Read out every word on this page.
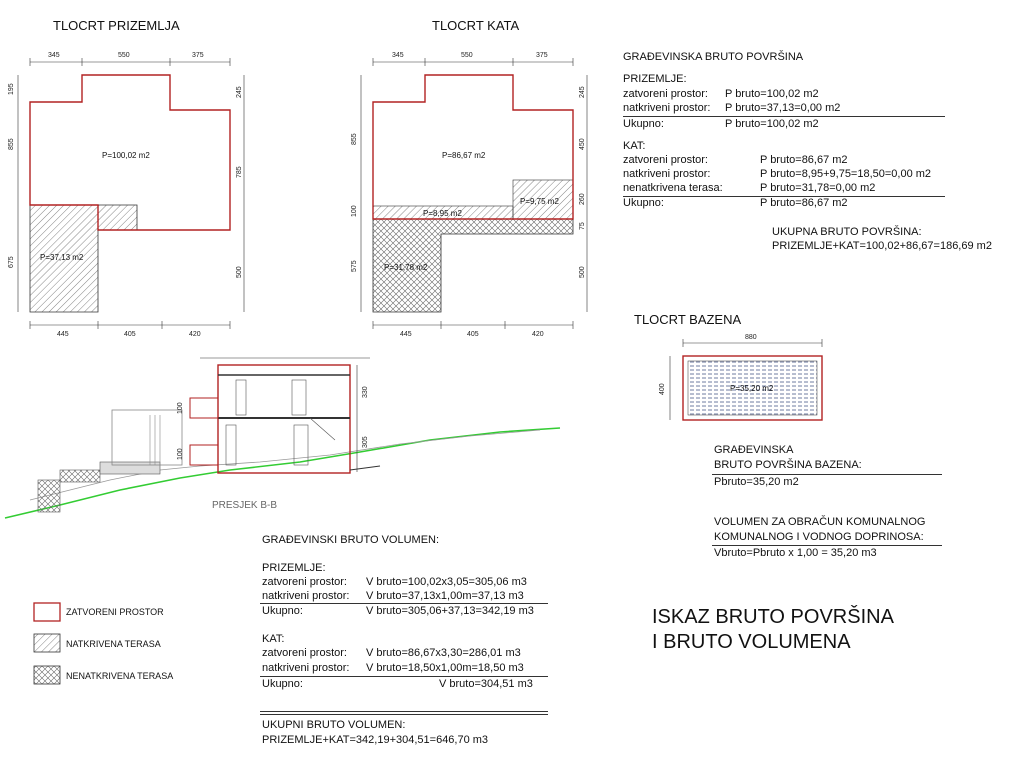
345	550	375
445	405	420
195
855
675
245
785
500
P=100,02 m2
P=37,13 m2
345	550	375
445	405	420
855
100
575
245
450
260
75
500
P=86,67 m2
P=8,95 m2
P=9,75 m2
P=31,78 m2
330
305
100
100
PRESJEK B-B
880
400	P=35,20 m2
TLOCRT PRIZEMLJA	TLOCRT KATA
TLOCRT BAZENA
GRAĐEVINSKA BRUTO POVRŠINA
PRIZEMLJE:
zatvoreni prostor: P bruto=100,02 m2
natkriveni prostor: P bruto=37,13=0,00 m2
Ukupno:	P bruto=100,02 m2
KAT:
zatvoreni prostor:	P bruto=86,67 m2
natkriveni prostor:	P bruto=8,95+9,75=18,50=0,00 m2
nenatkrivena terasa:	P bruto=31,78=0,00 m2
Ukupno:	P bruto=86,67 m2
UKUPNA BRUTO POVRŠINA:
PRIZEMLJE+KAT=100,02+86,67=186,69 m2
GRAĐEVINSKA
BRUTO POVRŠINA BAZENA:
Pbruto=35,20 m2
VOLUMEN ZA OBRAČUN KOMUNALNOG
KOMUNALNOG I VODNOG DOPRINOSA:
Vbruto=Pbruto x 1,00 = 35,20 m3
ZATVORENI PROSTOR
NATKRIVENA TERASA
NENATKRIVENA TERASA
GRAĐEVINSKI BRUTO VOLUMEN:
PRIZEMLJE:
zatvoreni prostor: V bruto=100,02x3,05=305,06 m3
natkriveni prostor: V bruto=37,13x1,00m=37,13 m3
Ukupno:	V bruto=305,06+37,13=342,19 m3
KAT:
zatvoreni prostor: V bruto=86,67x3,30=286,01 m3
natkriveni prostor: V bruto=18,50x1,00m=18,50 m3
Ukupno:	V bruto=304,51 m3
UKUPNI BRUTO VOLUMEN:
PRIZEMLJE+KAT=342,19+304,51=646,70 m3
ISKAZ BRUTO POVRŠINA
I BRUTO VOLUMENA
